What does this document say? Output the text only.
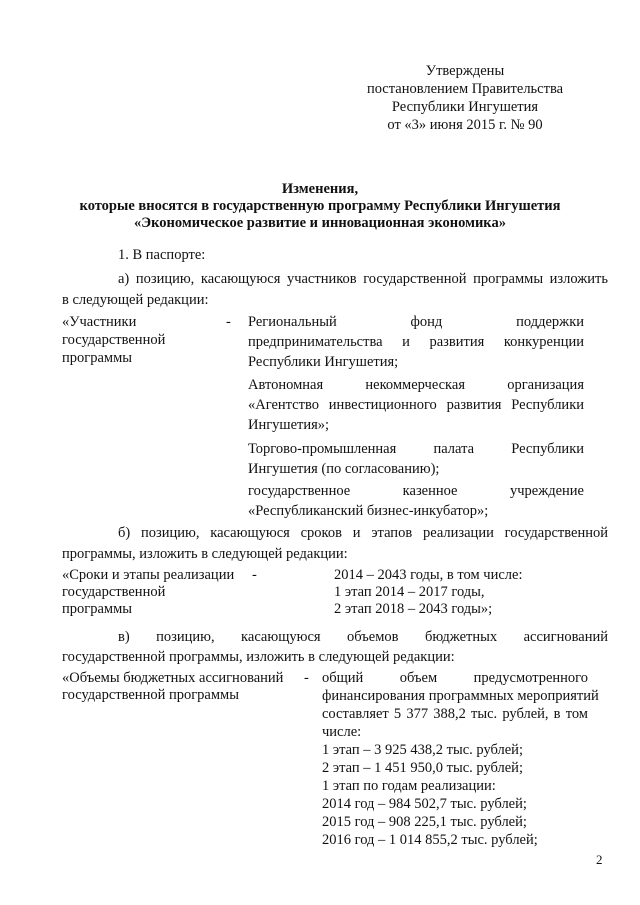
Утверждены
постановлением Правительства
Республики Ингушетия
от «3» июня 2015 г. № 90
Изменения,
которые вносятся в государственную программу Республики Ингушетия
«Экономическое развитие и инновационная экономика»
1. В паспорте:
а) позицию, касающуюся участников государственной программы изложить
в следующей редакции:
«Участники	-
государственной
программы
Региональный фонд поддержки
предпринимательства и развития конкуренции
Республики Ингушетия;
Автономная некоммерческая организация
«Агентство инвестиционного развития Республики
Ингушетия»;
Торгово-промышленная палата Республики
Ингушетия (по согласованию);
государственное казенное учреждение
«Республиканский бизнес-инкубатор»;
б) позицию, касающуюся сроков и этапов реализации государственной
программы, изложить в следующей редакции:
«Сроки и этапы реализации -
государственной
программы
2014 – 2043 годы, в том числе:
1 этап 2014 – 2017 годы,
2 этап 2018 – 2043 годы»;
в) позицию, касающуюся объемов бюджетных ассигнований
государственной программы, изложить в следующей редакции:
«Объемы бюджетных ассигнований -
государственной программы
общий объем предусмотренного
финансирования программных мероприятий
составляет 5 377 388,2 тыс. рублей, в том
числе:
1 этап – 3 925 438,2 тыс. рублей;
2 этап – 1 451 950,0 тыс. рублей;
1 этап по годам реализации:
2014 год – 984 502,7 тыс. рублей;
2015 год – 908 225,1 тыс. рублей;
2016 год – 1 014 855,2 тыс. рублей;
2
